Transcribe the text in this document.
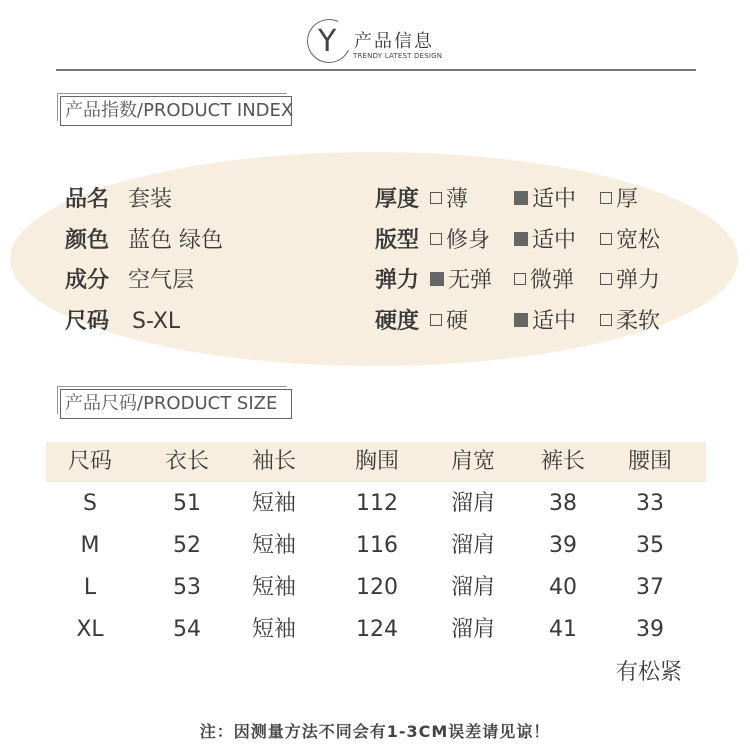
Y 产品信息
TRENDY LATEST DESIGN
产品指数/PRODUCT INDEX
品名 套装
颜色 蓝色 绿色
成分 空气层
尺码 S-XL
厚度	薄	适中	厚
版型	修身	适中	宽松
弹力	无弹	微弹	弹力
硬度	硬	适中	柔软
产品尺码/PRODUCT SIZE
尺码	衣长	袖长	胸围	肩宽	裤长	腰围
S	51	短袖	112	溜肩	38	33
M	52	短袖	116	溜肩	39	35
L	53	短袖	120	溜肩	40	37
XL	54	短袖	124	溜肩	41	39
有松紧
注：因测量方法不同会有1-3CM误差请见谅！
